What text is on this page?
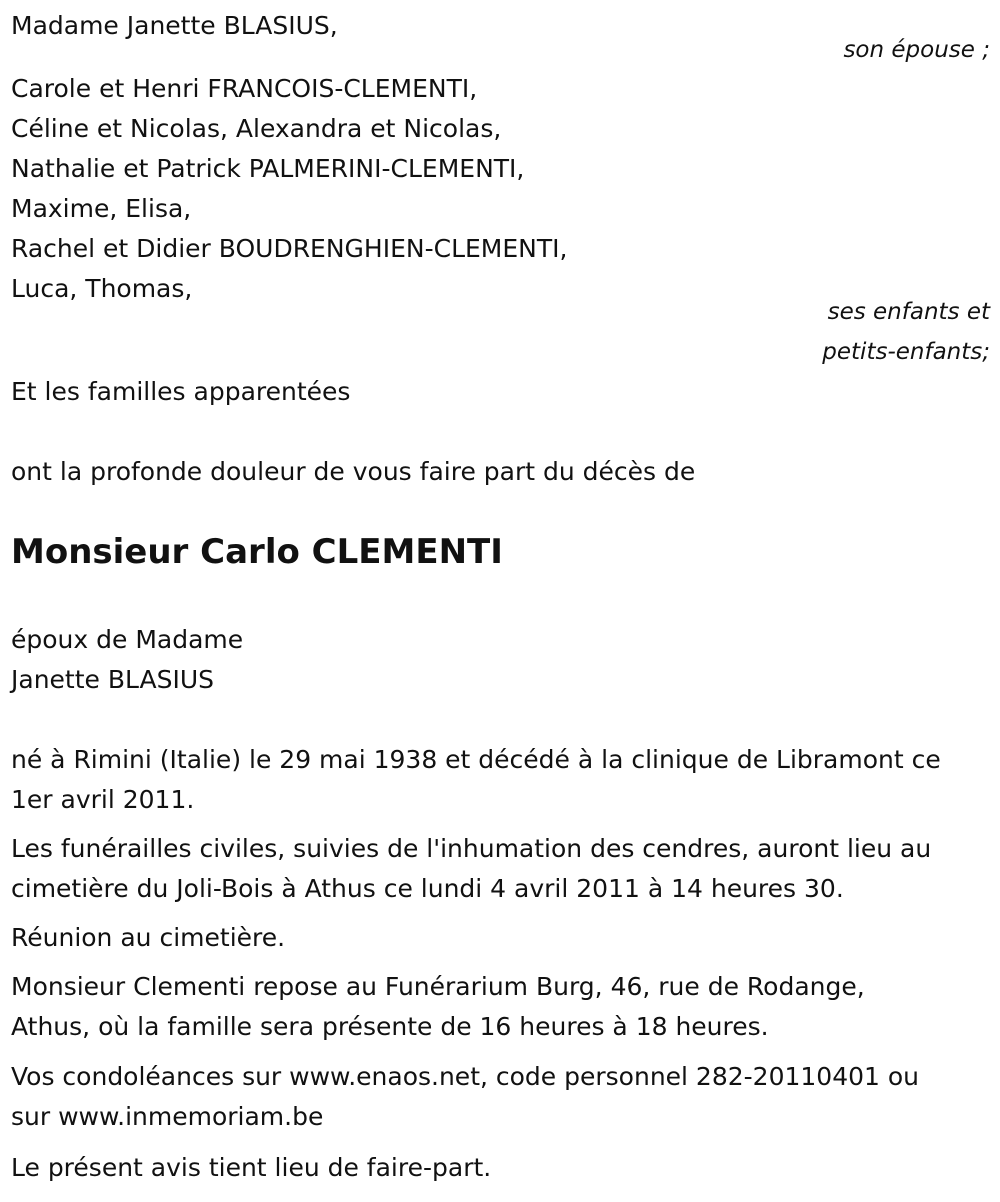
Madame Janette BLASIUS,
son épouse ;
Carole et Henri FRANCOIS-CLEMENTI,
Céline et Nicolas, Alexandra et Nicolas,
Nathalie et Patrick PALMERINI-CLEMENTI,
Maxime, Elisa,
Rachel et Didier BOUDRENGHIEN-CLEMENTI,
Luca, Thomas,
ses enfants et
petits-enfants;
Et les familles apparentées
ont la profonde douleur de vous faire part du décès de
Monsieur Carlo CLEMENTI
époux de Madame
Janette BLASIUS
né à Rimini (Italie) le 29 mai 1938 et décédé à la clinique de Libramont ce
1er avril 2011.
Les funérailles civiles, suivies de l'inhumation des cendres, auront lieu au
cimetière du Joli-Bois à Athus ce lundi 4 avril 2011 à 14 heures 30.
Réunion au cimetière.
Monsieur Clementi repose au Funérarium Burg, 46, rue de Rodange,
Athus, où la famille sera présente de 16 heures à 18 heures.
Vos condoléances sur www.enaos.net, code personnel 282-20110401 ou
sur www.inmemoriam.be
Le présent avis tient lieu de faire-part.
